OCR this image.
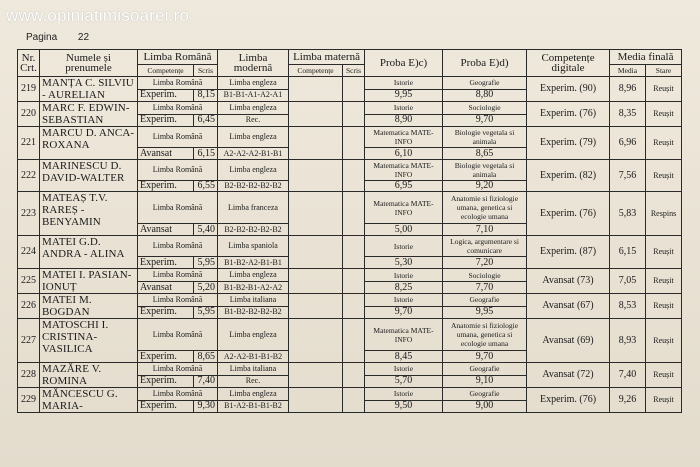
www.opiniatimisoarei.ro
Pagina 22
Nr.
Crt.	Numele și
prenumele	Limba Română		Limba modernă	Limba maternă		Proba E)c)	Proba E)d)	Competențe digitale	Media finală	
		Competențe	Scris		Competențe	Scris				Media	Stare
219	MANȚA C. SILVIU
- AURELIAN	Limba Română		Limba engleza			Istorie	Geografie	Experim. (90)	8,96	Reușit
		Experim.	8,15	B1-B1-A1-A2-A1			9,95	8,80			
220	MARC F. EDWIN-
SEBASTIAN	Limba Română		Limba engleza			Istorie	Sociologie	Experim. (76)	8,35	Reușit
		Experim.	6,45	Rec.			8,90	9,70			
221	MARCU D. ANCA-
ROXANA	Limba Română		Limba engleza			Matematica MATE-INFO	Biologie vegetala si animala	Experim. (79)	6,96	Reușit
		Avansat	6,15	A2-A2-A2-B1-B1			6,10	8,65			
222	MARINESCU D.
DAVID-WALTER	Limba Română		Limba engleza			Matematica MATE-INFO	Biologie vegetala si animala	Experim. (82)	7,56	Reușit
		Experim.	6,55	B2-B2-B2-B2-B2			6,95	9,20			
223	MATEAȘ T.V.
RAREȘ -
BENYAMIN	Limba Română		Limba franceza			Matematica MATE-INFO	Anatomie si fiziologie umana, genetica si ecologie umana	Experim. (76)	5,83	Respins
		Avansat	5,40	B2-B2-B2-B2-B2			5,00	7,10			
224	MATEI G.D.
ANDRA - ALINA	Limba Română		Limba spaniola			Istorie	Logica, argumentare si comunicare	Experim. (87)	6,15	Reușit
		Experim.	5,95	B1-B2-A2-B1-B1			5,30	7,20			
225	MATEI I. PASIAN-
IONUȚ	Limba Română		Limba engleza			Istorie	Sociologie	Avansat (73)	7,05	Reușit
		Avansat	5,20	B1-B2-B1-A2-A2			8,25	7,70			
226	MATEI M.
BOGDAN	Limba Română		Limba italiana			Istorie	Geografie	Avansat (67)	8,53	Reușit
		Experim.	5,95	B1-B2-B2-B2-B2			9,70	9,95			
227	MATOSCHI I.
CRISTINA-
VASILICA	Limba Română		Limba engleza			Matematica MATE-INFO	Anatomie si fiziologie umana, genetica si ecologie umana	Avansat (69)	8,93	Reușit
		Experim.	8,65	A2-A2-B1-B1-B2			8,45	9,70			
228	MAZĂRE V.
ROMINA	Limba Română		Limba italiana			Istorie	Geografie	Avansat (72)	7,40	Reușit
		Experim.	7,40	Rec.			5,70	9,10			
229	MĂNCESCU G.
MARIA-	Limba Română		Limba engleza			Istorie	Geografie	Experim. (76)	9,26	Reușit
		Experim.	9,30	B1-A2-B1-B1-B2			9,50	9,00			
